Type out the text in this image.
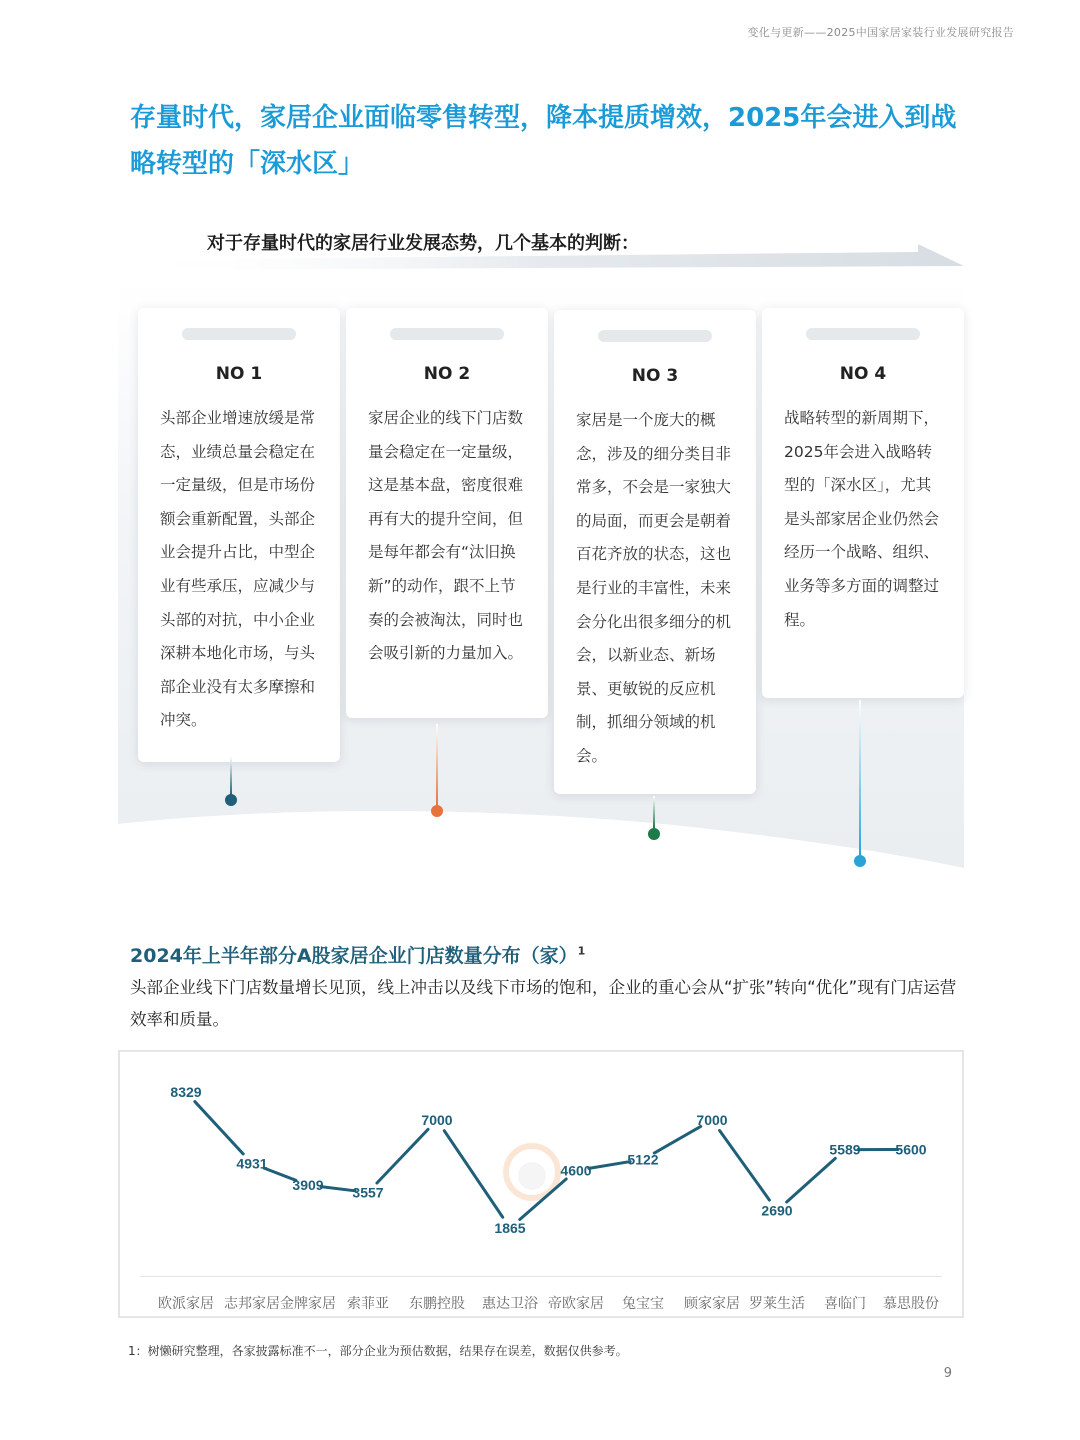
变化与更新——2025中国家居家装行业发展研究报告
存量时代，家居企业面临零售转型，降本提质增效，2025年会进入到战略转型的「深水区」
对于存量时代的家居行业发展态势，几个基本的判断：
NO 1
头部企业增速放缓是常态，业绩总量会稳定在一定量级，但是市场份额会重新配置，头部企业会提升占比，中型企业有些承压，应减少与头部的对抗，中小企业深耕本地化市场，与头部企业没有太多摩擦和冲突。
NO 2
家居企业的线下门店数量会稳定在一定量级，这是基本盘，密度很难再有大的提升空间，但是每年都会有“汰旧换新”的动作，跟不上节奏的会被淘汰，同时也会吸引新的力量加入。
NO 3
家居是一个庞大的概念，涉及的细分类目非常多，不会是一家独大的局面，而更会是朝着百花齐放的状态，这也是行业的丰富性，未来会分化出很多细分的机会，以新业态、新场景、更敏锐的反应机制，抓细分领域的机会。
NO 4
战略转型的新周期下，2025年会进入战略转型的「深水区」，尤其是头部家居企业仍然会经历一个战略、组织、业务等多方面的调整过程。
2024年上半年部分A股家居企业门店数量分布（家）$^1$
头部企业线下门店数量增长见顶，线上冲击以及线下市场的饱和，企业的重心会从“扩张”转向“优化”现有门店运营效率和质量。
8329
4931
3909 3557
7000
1865
4600
5122
7000
2690
5589 5600
欧派家居 志邦家居 金牌家居 索菲亚 东鹏控股 惠达卫浴 帝欧家居 兔宝宝 顾家家居 罗莱生活 喜临门 慕思股份
1：树懒研究整理，各家披露标准不一，部分企业为预估数据，结果存在误差，数据仅供参考。
9
